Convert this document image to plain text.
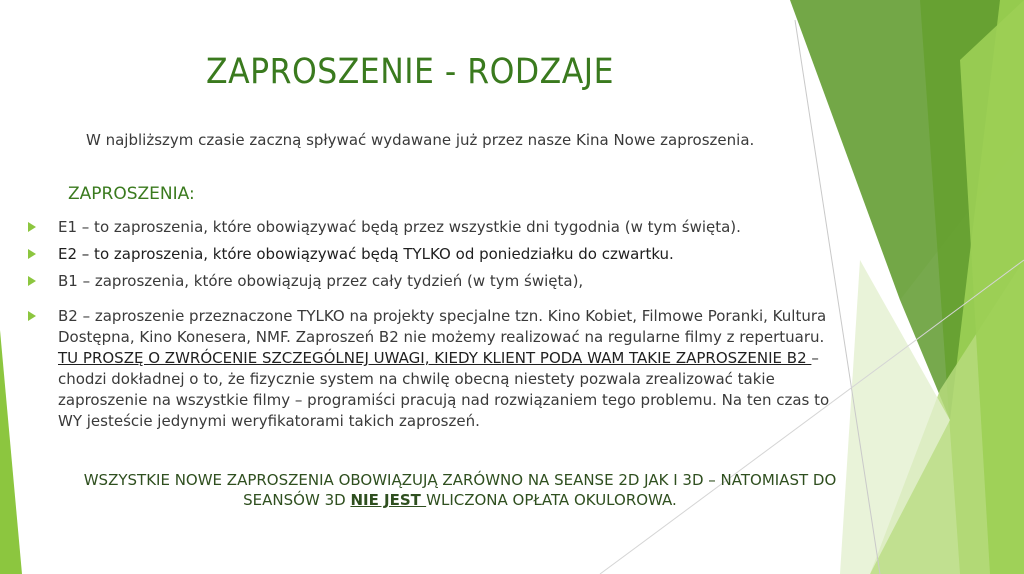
ZAPROSZENIE - RODZAJE
W najbliższym czasie zaczną spływać wydawane już przez nasze Kina Nowe zaproszenia.
ZAPROSZENIA:
E1 – to zaproszenia, które obowiązywać będą przez wszystkie dni tygodnia (w tym święta).
E2 – to zaproszenia, które obowiązywać będą TYLKO od poniedziałku do czwartku.
B1 – zaproszenia, które obowiązują przez cały tydzień (w tym święta),
B2 – zaproszenie przeznaczone TYLKO na projekty specjalne tzn. Kino Kobiet, Filmowe Poranki, Kultura Dostępna, Kino Konesera, NMF. Zaproszeń B2 nie możemy realizować na regularne filmy z repertuaru. TU PROSZĘ O ZWRÓCENIE SZCZEGÓLNEJ UWAGI, KIEDY KLIENT PODA WAM TAKIE ZAPROSZENIE B2 – chodzi dokładnej o to, że fizycznie system na chwilę obecną niestety pozwala zrealizować takie zaproszenie na wszystkie filmy – programiści pracują nad rozwiązaniem tego problemu. Na ten czas to WY jesteście jedynymi weryfikatorami takich zaproszeń.
WSZYSTKIE NOWE ZAPROSZENIA OBOWIĄZUJĄ ZARÓWNO NA SEANSE 2D JAK I 3D – NATOMIAST DO
SEANSÓW 3D NIE JEST WLICZONA OPŁATA OKULOROWA.
